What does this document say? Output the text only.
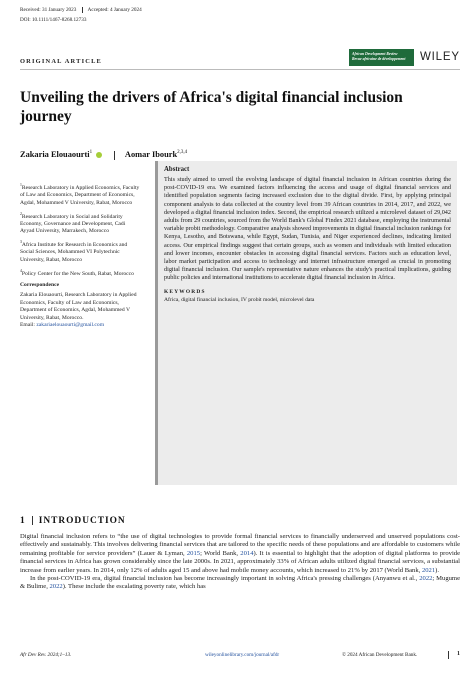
Received: 31 January 2023 Accepted: 4 January 2024
DOI: 10.1111/1467-8268.12733
ORIGINAL ARTICLE
African Development Review
Revue africaine de développement	WILEY
Unveiling the drivers of Africa's digital financial inclusion journey
Zakaria Elouaourti$^1$	Aomar Ibourk$^{2,3,4}$

$^1$Research Laboratory in Applied Economics, Faculty of Law and Economics, Department of Economics, Agdal, Mohammed V University, Rabat, Morocco

$^2$Research Laboratory in Social and Solidarity Economy, Governance and Development, Cadi Ayyad University, Marrakech, Morocco

$^3$Africa Institute for Research in Economics and Social Sciences, Mohammed VI Polytechnic University, Rabat, Morocco

$^4$Policy Center for the New South, Rabat, Morocco

Correspondence

Zakaria Elouaourti, Research Laboratory in Applied Economics, Faculty of Law and Economics, Department of Economics, Agdal, Mohammed V University, Rabat, Morocco.
Email: zakariaelouaourti@gmail.com

Abstract
This study aimed to unveil the evolving landscape of digital financial inclusion in African countries during the post-COVID-19 era. We examined factors influencing the access and usage of digital financial services and identified population segments facing increased exclusion due to the digital divide. First, by applying principal component analysis to data collected at the country level from 39 African countries in 2014, 2017, and 2022, we developed a digital financial inclusion index. Second, the empirical research utilized a microlevel dataset of 29,042 adults from 29 countries, sourced from the World Bank's Global Findex 2021 database, employing the instrumental variable probit methodology. Comparative analysis showed improvements in digital financial inclusion rankings for Kenya, Lesotho, and Botswana, while Egypt, Sudan, Tunisia, and Niger experienced declines, indicating limited access. Our empirical findings suggest that certain groups, such as women and individuals with limited education and lower incomes, encounter obstacles in accessing digital financial services. Factors such as education level, labor market participation and access to technology and internet infrastructure emerged as crucial in promoting digital financial inclusion. Our sample's representative nature enhances the study's practical implications, guiding public policies and international institutions to accelerate digital financial inclusion in Africa.
KEYWORDS
Africa, digital financial inclusion, IV probit model, microlevel data
1 INTRODUCTION

Digital financial inclusion refers to “the use of digital technologies to provide formal financial services to financially underserved and unserved populations cost-effectively and sustainably. This involves delivering financial services that are tailored to the specific needs of these populations and are affordable to customers while remaining profitable for service providers” (Lauer & Lyman, 2015; World Bank, 2014). It is essential to highlight that the adoption of digital platforms to provide financial services in Africa has grown considerably since the late 2000s. In 2021, approximately 33% of African adults utilized digital financial services, a substantial increase from earlier years. In 2014, only 12% of adults aged 15 and above had mobile money accounts, which increased to 21% by 2017 (World Bank, 2021).

In the post-COVID-19 era, digital financial inclusion has become increasingly important in solving Africa's pressing challenges (Anyanwu et al., 2022; Mugume & Bulime, 2022). These include the escalating poverty rate, which has

Afr Dev Rev. 2024;1–13.	wileyonlinelibrary.com/journal/afdr	© 2024 African Development Bank.	1
